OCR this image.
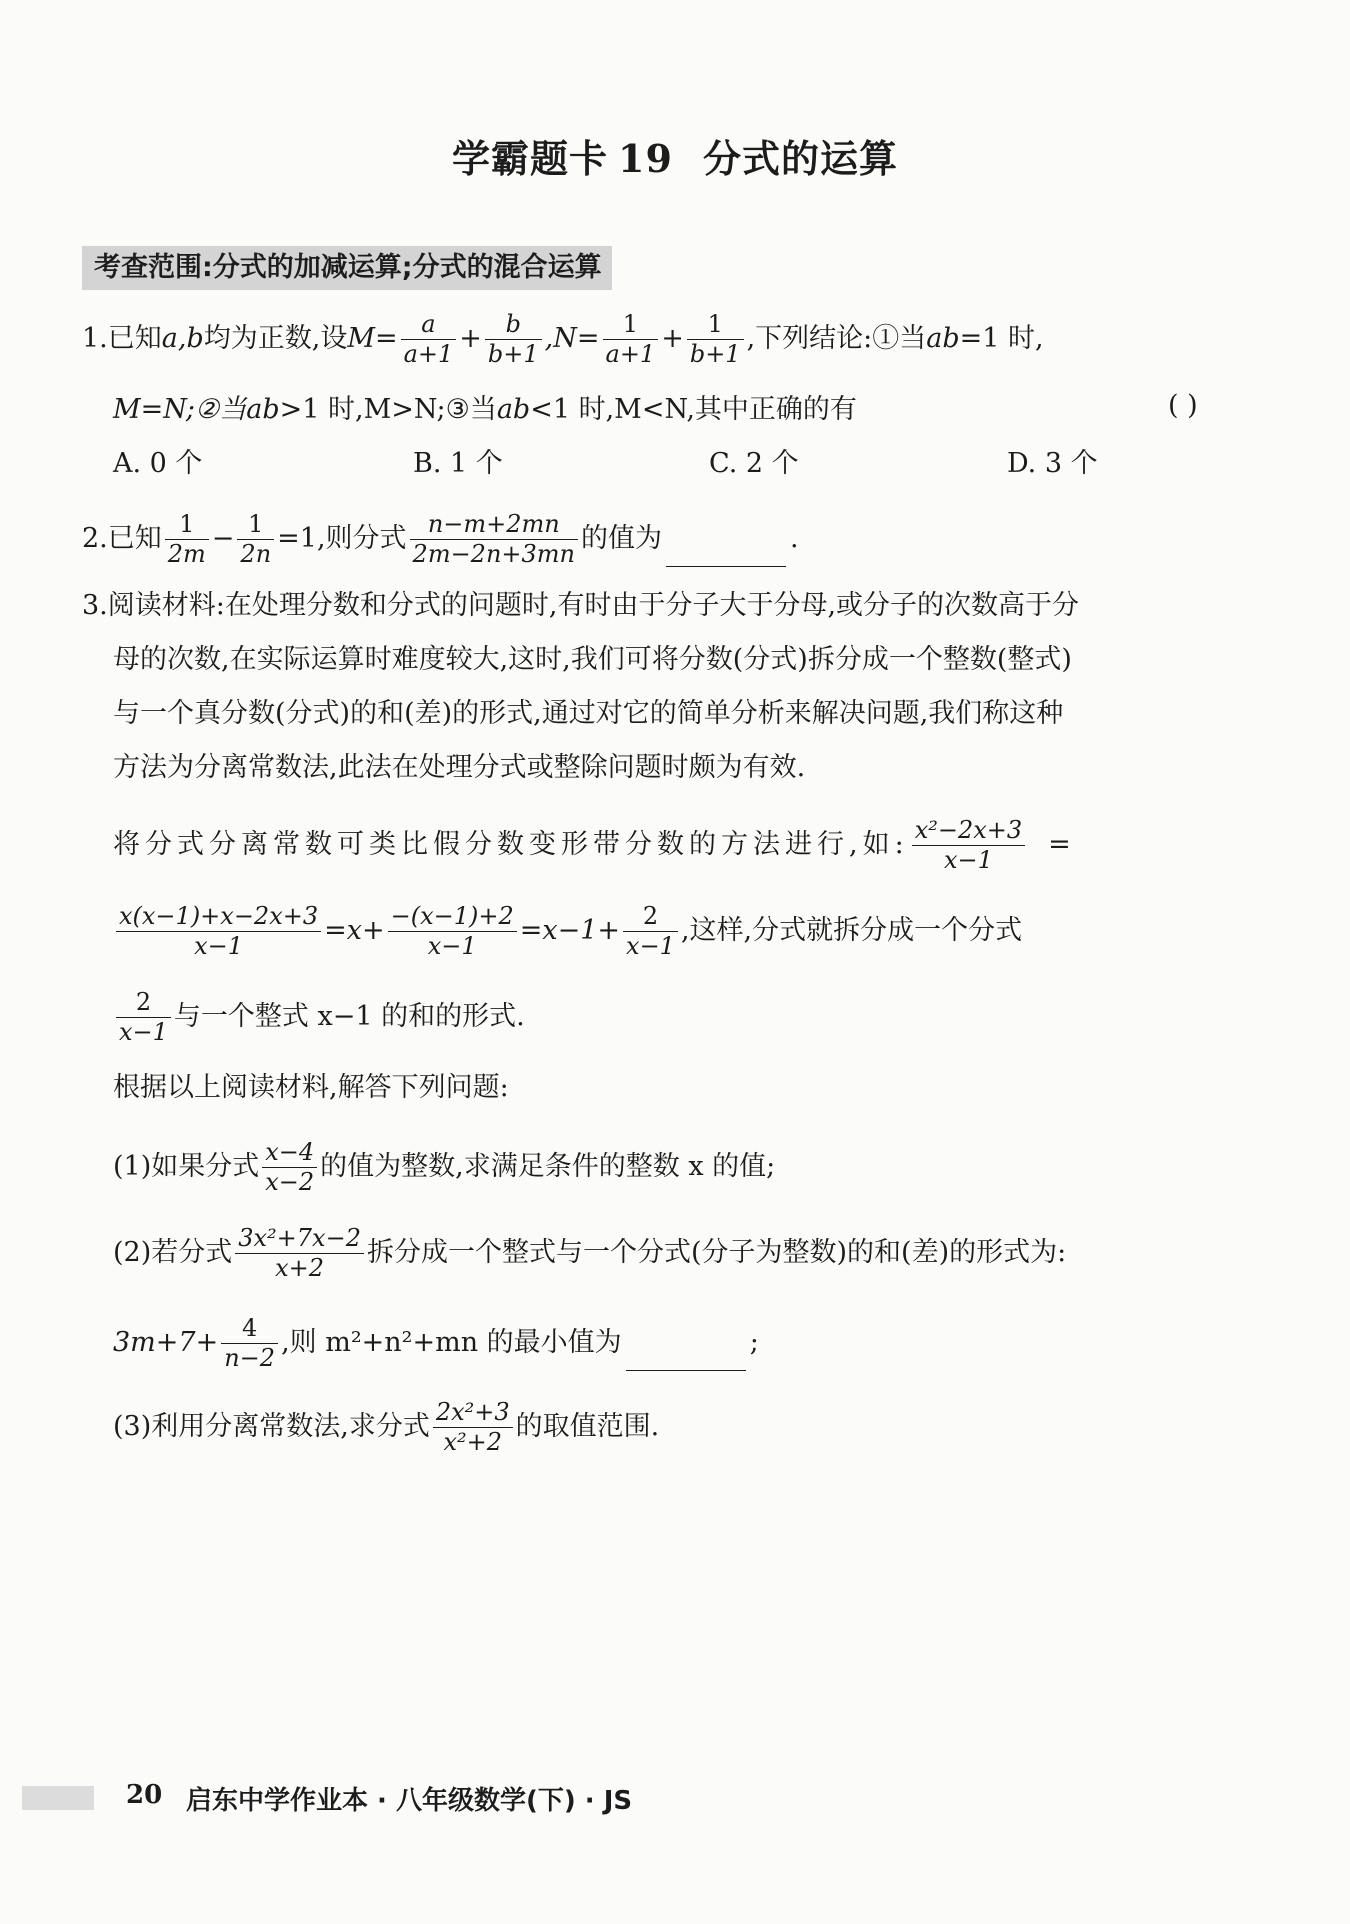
学霸题卡 19 分式的运算
考查范围:分式的加减运算;分式的混合运算
1.已知a,b均为正数,设$M= \frac{a}{a+1} + \frac{b}{b+1} ,N= \frac{1}{a+1} + \frac{1}{b+1}$ ,下列结论:①当ab=1 时,
M=N;②当ab>1 时,M>N;③当ab<1 时,M<N,其中正确的有	( )
A. 0 个	B. 1 个	C. 2 个	D. 3 个
2.已知 $\frac{1}{2m} - \frac{1}{2n} =1$,则分式 $\frac{n-m+2mn}{2m-2n+3mn}$ 的值为	.
3.阅读材料:在处理分数和分式的问题时,有时由于分子大于分母,或分子的次数高于分
母的次数,在实际运算时难度较大,这时,我们可将分数(分式)拆分成一个整数(整式)
与一个真分数(分式)的和(差)的形式,通过对它的简单分析来解决问题,我们称这种
方法为分离常数法,此法在处理分式或整除问题时颇为有效.
将分式分离常数可类比假分数变形带分数的方法进行,如: $\frac{\text{x²−2x+3}}{x-1}$ =
$\frac{x(x-1)+x-2x+3}{x-1} =x+ \frac{-(x-1)+2}{x-1} =x-1+ \frac{2}{x-1}$ ,这样,分式就拆分成一个分式
$\frac{2}{x-1}$ 与一个整式 x−1 的和的形式.
根据以上阅读材料,解答下列问题:
(1)如果分式 $\frac{x-4}{x-2}$ 的值为整数,求满足条件的整数 x 的值;
(2)若分式 $\frac{\text{3x²+7x−2}}{x+2}$ 拆分成一个整式与一个分式(分子为整数)的和(差)的形式为:
$3m+7+ \frac{4}{n-2}$ ,则 m²+n²+mn 的最小值为	;
(3)利用分离常数法,求分式 $\frac{\text{2x²+3}}{\text{x²+2}}$ 的取值范围.
20 启东中学作业本 · 八年级数学(下) · JS
